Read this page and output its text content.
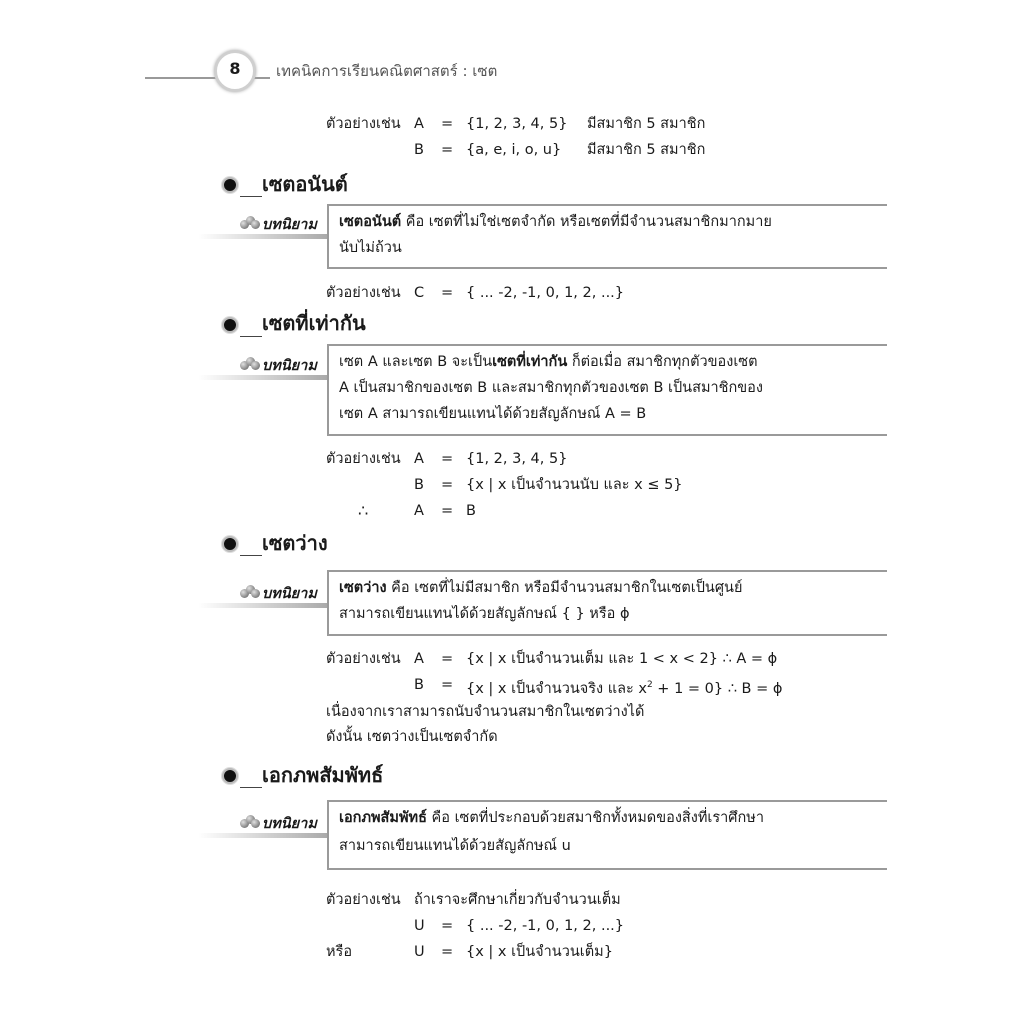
8	เทคนิคการเรียนคณิตศาสตร์ : เซต
ตัวอย่างเช่น A = {1, 2, 3, 4, 5} มีสมาชิก 5 สมาชิก
B = {a, e, i, o, u} มีสมาชิก 5 สมาชิก
เซตอนันต์
บทนิยาม เซตอนันต์ คือ เซตที่ไม่ใช่เซตจำกัด หรือเซตที่มีจำนวนสมาชิกมากมาย
นับไม่ถ้วน
ตัวอย่างเช่น C = { ... -2, -1, 0, 1, 2, ...}
เซตที่เท่ากัน
บทนิยาม เซต A และเซต B จะเป็นเซตที่เท่ากัน ก็ต่อเมื่อ สมาชิกทุกตัวของเซต
A เป็นสมาชิกของเซต B และสมาชิกทุกตัวของเซต B เป็นสมาชิกของ
เซต A สามารถเขียนแทนได้ด้วยสัญลักษณ์ A = B
ตัวอย่างเช่น A = {1, 2, 3, 4, 5}
B = {x | x เป็นจำนวนนับ และ x ≤ 5}
∴	A = B
เซตว่าง
บทนิยาม เซตว่าง คือ เซตที่ไม่มีสมาชิก หรือมีจำนวนสมาชิกในเซตเป็นศูนย์
สามารถเขียนแทนได้ด้วยสัญลักษณ์ { } หรือ ϕ
ตัวอย่างเช่น A = {x | x เป็นจำนวนเต็ม และ 1 < x < 2} ∴ A = ϕ
B = {x | x เป็นจำนวนจริง และ $x^2 + 1 = 0$} ∴ B = ϕ
เนื่องจากเราสามารถนับจำนวนสมาชิกในเซตว่างได้
ดังนั้น เซตว่างเป็นเซตจำกัด
เอกภพสัมพัทธ์
บทนิยาม เอกภพสัมพัทธ์ คือ เซตที่ประกอบด้วยสมาชิกทั้งหมดของสิ่งที่เราศึกษา
สามารถเขียนแทนได้ด้วยสัญลักษณ์ u
ตัวอย่างเช่น ถ้าเราจะศึกษาเกี่ยวกับจำนวนเต็ม
U = { ... -2, -1, 0, 1, 2, ...}
หรือ	U = {x | x เป็นจำนวนเต็ม}
